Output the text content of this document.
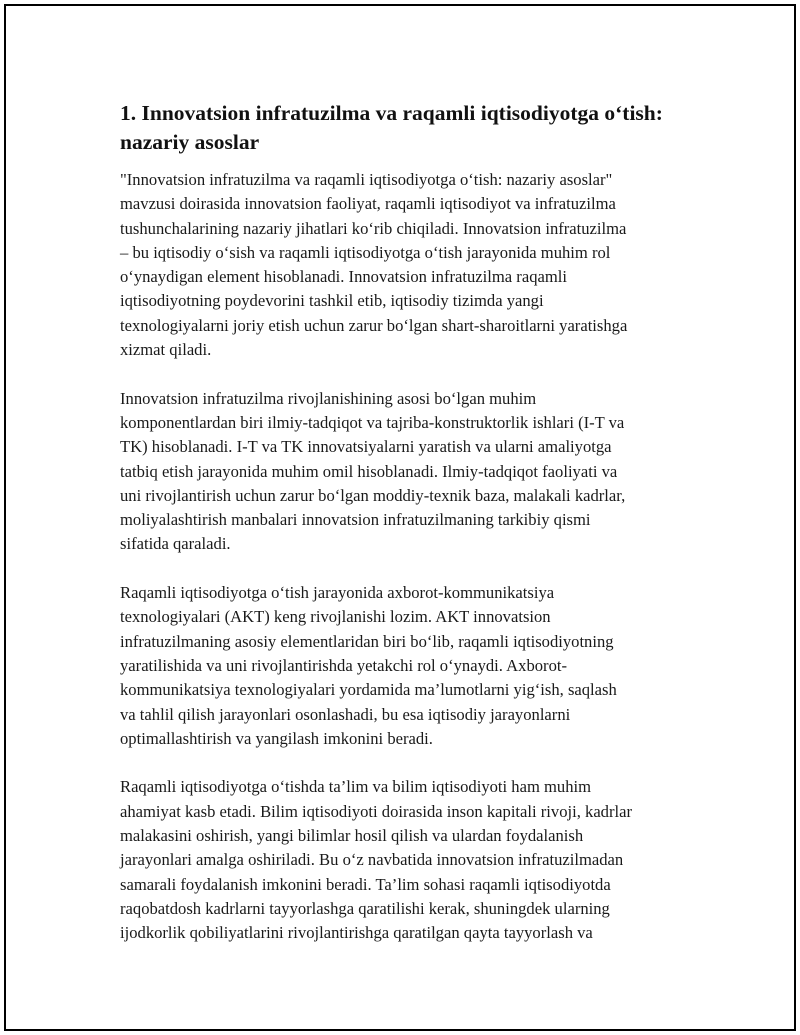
1. Innovatsion infratuzilma va raqamli iqtisodiyotga o‘tish:
nazariy asoslar

"Innovatsion infratuzilma va raqamli iqtisodiyotga o‘tish: nazariy asoslar"
mavzusi doirasida innovatsion faoliyat, raqamli iqtisodiyot va infratuzilma
tushunchalarining nazariy jihatlari ko‘rib chiqiladi. Innovatsion infratuzilma
– bu iqtisodiy o‘sish va raqamli iqtisodiyotga o‘tish jarayonida muhim rol
o‘ynaydigan element hisoblanadi. Innovatsion infratuzilma raqamli
iqtisodiyotning poydevorini tashkil etib, iqtisodiy tizimda yangi
texnologiyalarni joriy etish uchun zarur bo‘lgan shart-sharoitlarni yaratishga
xizmat qiladi.

Innovatsion infratuzilma rivojlanishining asosi bo‘lgan muhim
komponentlardan biri ilmiy-tadqiqot va tajriba-konstruktorlik ishlari (I-T va
TK) hisoblanadi. I-T va TK innovatsiyalarni yaratish va ularni amaliyotga
tatbiq etish jarayonida muhim omil hisoblanadi. Ilmiy-tadqiqot faoliyati va
uni rivojlantirish uchun zarur bo‘lgan moddiy-texnik baza, malakali kadrlar,
moliyalashtirish manbalari innovatsion infratuzilmaning tarkibiy qismi
sifatida qaraladi.

Raqamli iqtisodiyotga o‘tish jarayonida axborot-kommunikatsiya
texnologiyalari (AKT) keng rivojlanishi lozim. AKT innovatsion
infratuzilmaning asosiy elementlaridan biri bo‘lib, raqamli iqtisodiyotning
yaratilishida va uni rivojlantirishda yetakchi rol o‘ynaydi. Axborot-
kommunikatsiya texnologiyalari yordamida ma’lumotlarni yig‘ish, saqlash
va tahlil qilish jarayonlari osonlashadi, bu esa iqtisodiy jarayonlarni
optimallashtirish va yangilash imkonini beradi.

Raqamli iqtisodiyotga o‘tishda ta’lim va bilim iqtisodiyoti ham muhim
ahamiyat kasb etadi. Bilim iqtisodiyoti doirasida inson kapitali rivoji, kadrlar
malakasini oshirish, yangi bilimlar hosil qilish va ulardan foydalanish
jarayonlari amalga oshiriladi. Bu o‘z navbatida innovatsion infratuzilmadan
samarali foydalanish imkonini beradi. Ta’lim sohasi raqamli iqtisodiyotda
raqobatdosh kadrlarni tayyorlashga qaratilishi kerak, shuningdek ularning
ijodkorlik qobiliyatlarini rivojlantirishga qaratilgan qayta tayyorlash va
